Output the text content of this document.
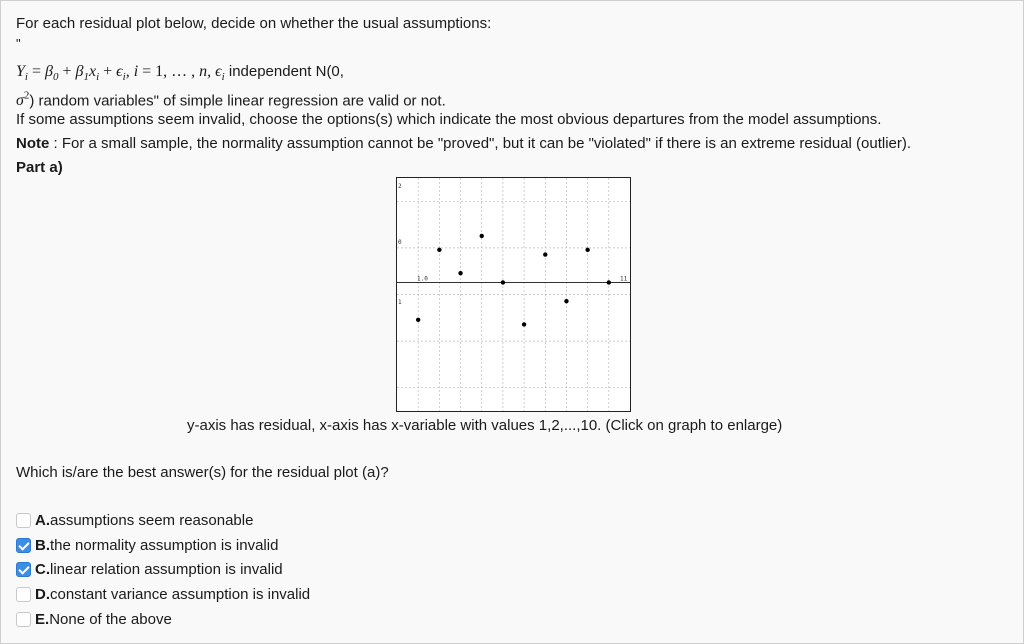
For each residual plot below, decide on whether the usual assumptions:
"
$Y_i = \beta_0 + \beta_1x_i + \epsilon_i$, i = 1, … , n, $\epsilon_i$ independent N(0,
$\sigma^2$) random variables" of simple linear regression are valid or not.
If some assumptions seem invalid, choose the options(s) which indicate the most obvious departures from the model assumptions.
Note : For a small sample, the normality assumption cannot be "proved", but it can be "violated" if there is an extreme residual (outlier).
Part a)
2
0
1
1.0	11
y-axis has residual, x-axis has x-variable with values 1,2,...,10. (Click on graph to enlarge)
Which is/are the best answer(s) for the residual plot (a)?
A. assumptions seem reasonable
B. the normality assumption is invalid
C. linear relation assumption is invalid
D. constant variance assumption is invalid
E. None of the above
